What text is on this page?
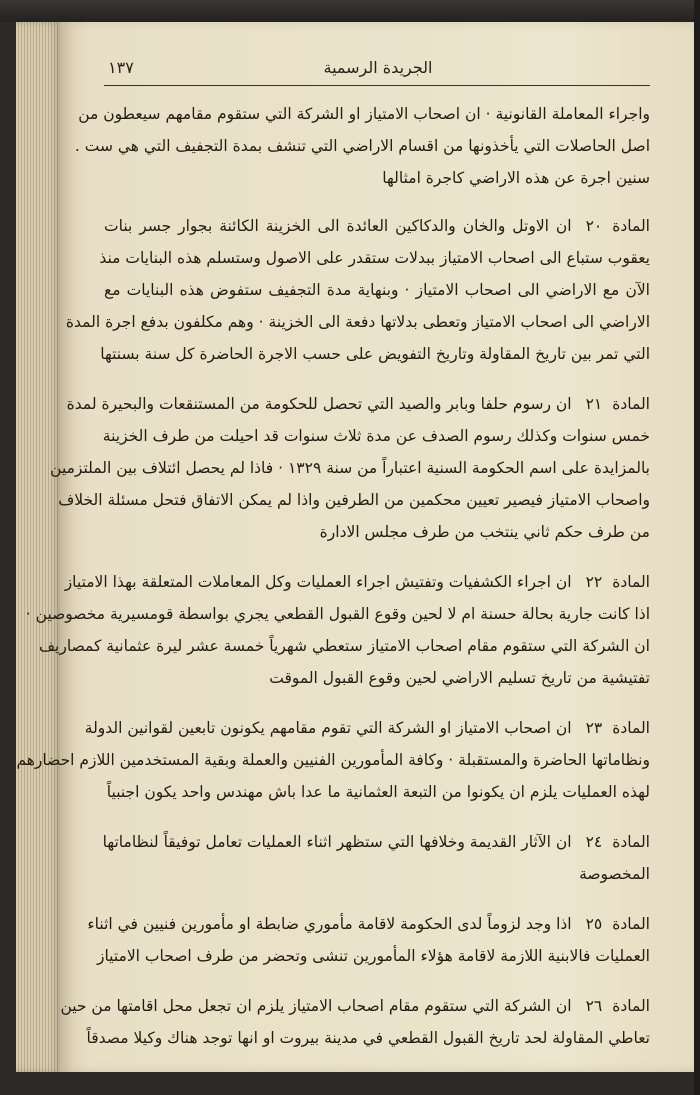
١٣٧	الجريدة الرسمية
واجراء المعاملة القانونية · ان اصحاب الامتياز او الشركة التي ستقوم مقامهم سيعطون من
اصل الحاصلات التي يأخذونها من اقسام الاراضي التي تنشف بمدة التجفيف التي هي ست .
سنين اجرة عن هذه الاراضي كاجرة امثالها
المادة٢٠ان الاوتل والخان والدكاكين العائدة الى الخزينة الكائنة بجوار جسر بنات
يعقوب ستباع الى اصحاب الامتياز ببدلات ستقدر على الاصول وستسلم هذه البنايات منذ
الآن مع الاراضي الى اصحاب الامتياز · وبنهاية مدة التجفيف ستفوض هذه البنايات مع
الاراضي الى اصحاب الامتياز وتعطى بدلاتها دفعة الى الخزينة · وهم مكلفون بدفع اجرة المدة
التي تمر بين تاريخ المقاولة وتاريخ التفويض على حسب الاجرة الحاضرة كل سنة بسنتها
المادة٢١ان رسوم حلفا وبابر والصيد التي تحصل للحكومة من المستنقعات والبحيرة لمدة
خمس سنوات وكذلك رسوم الصدف عن مدة ثلاث سنوات قد احيلت من طرف الخزينة
بالمزايدة على اسم الحكومة السنية اعتباراً من سنة ١٣٢٩ · فاذا لم يحصل ائتلاف بين الملتزمين
واصحاب الامتياز فيصير تعيين محكمين من الطرفين واذا لم يمكن الاتفاق فتحل مسئلة الخلاف
من طرف حكم ثاني ينتخب من طرف مجلس الادارة
المادة٢٢ان اجراء الكشفيات وتفتيش اجراء العمليات وكل المعاملات المتعلقة بهذا الامتياز
اذا كانت جارية بحالة حسنة ام لا لحين وقوع القبول القطعي يجري بواسطة قومسيرية مخصوصين ·
ان الشركة التي ستقوم مقام اصحاب الامتياز ستعطي شهرياً خمسة عشر ليرة عثمانية كمصاريف
تفتيشية من تاريخ تسليم الاراضي لحين وقوع القبول الموقت
المادة٢٣ان اصحاب الامتياز او الشركة التي تقوم مقامهم يكونون تابعين لقوانين الدولة
ونظاماتها الحاضرة والمستقبلة · وكافة المأمورين الفنيين والعملة وبقية المستخدمين اللازم احضارهم
لهذه العمليات يلزم ان يكونوا من التبعة العثمانية ما عدا باش مهندس واحد يكون اجنبياً
المادة٢٤ان الآثار القديمة وخلافها التي ستظهر اثناء العمليات تعامل توفيقاً لنظاماتها
المخصوصة
المادة٢٥اذا وجد لزوماً لدى الحكومة لاقامة مأموري ضابطة او مأمورين فنيين في اثناء
العمليات فالابنية اللازمة لاقامة هؤلاء المأمورين تنشى وتحضر من طرف اصحاب الامتياز
المادة٢٦ان الشركة التي ستقوم مقام اصحاب الامتياز يلزم ان تجعل محل اقامتها من حين
تعاطي المقاولة لحد تاريخ القبول القطعي في مدينة بيروت او انها توجد هناك وكيلا مصدقاً
